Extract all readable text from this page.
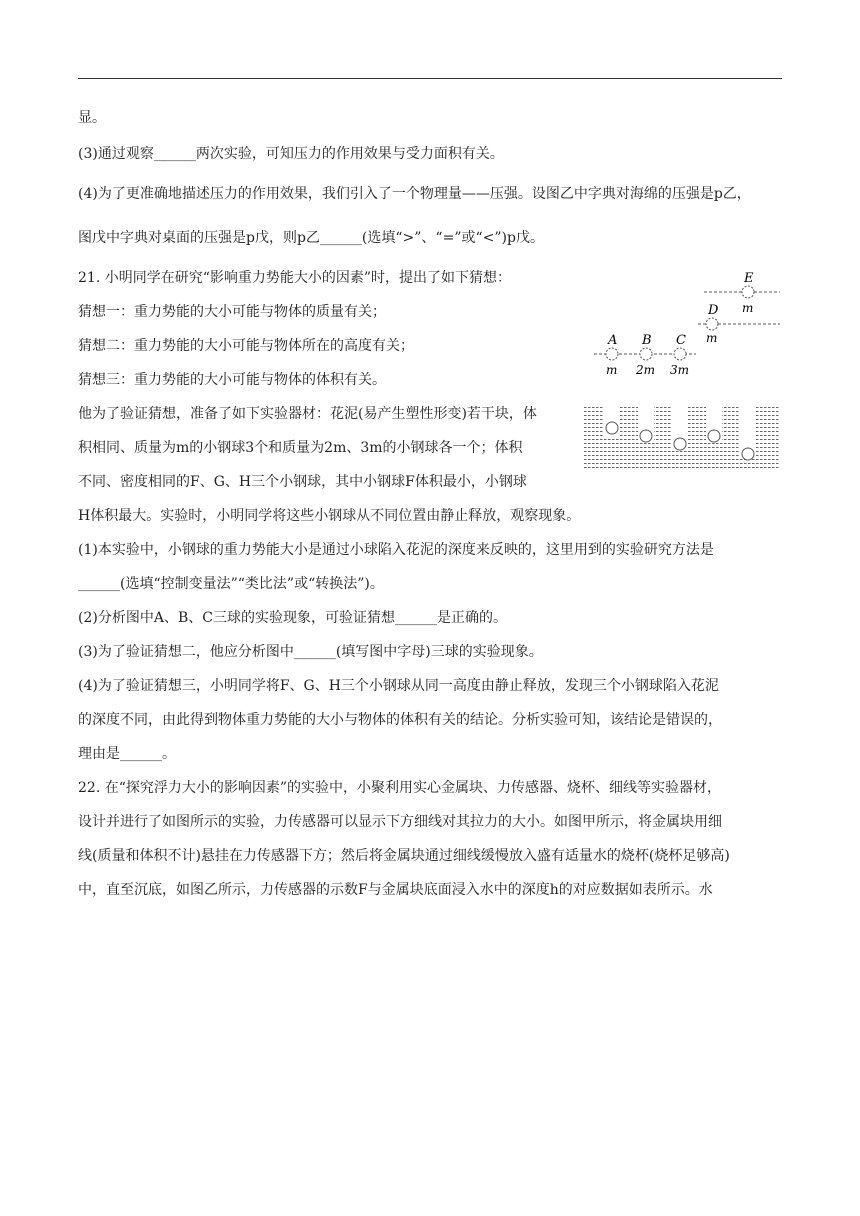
显。
(3)通过观察______两次实验，可知压力的作用效果与受力面积有关。
(4)为了更准确地描述压力的作用效果，我们引入了一个物理量——压强。设图乙中字典对海绵的压强是p乙，
图戊中字典对桌面的压强是p戊，则p乙______(选填“>”、“=”或“<”)p戊。
21. 小明同学在研究“影响重力势能大小的因素”时，提出了如下猜想：
猜想一：重力势能的大小可能与物体的质量有关；
猜想二：重力势能的大小可能与物体所在的高度有关；
猜想三：重力势能的大小可能与物体的体积有关。
他为了验证猜想，准备了如下实验器材：花泥(易产生塑性形变)若干块，体
积相同、质量为m的小钢球3个和质量为2m、3m的小钢球各一个；体积
不同、密度相同的F、G、H三个小钢球，其中小钢球F体积最小，小钢球
H体积最大。实验时，小明同学将这些小钢球从不同位置由静止释放，观察现象。
(1)本实验中，小钢球的重力势能大小是通过小球陷入花泥的深度来反映的，这里用到的实验研究方法是
______(选填“控制变量法”“类比法”或“转换法”)。
(2)分析图中A、B、C三球的实验现象，可验证猜想______是正确的。
(3)为了验证猜想二，他应分析图中______(填写图中字母)三球的实验现象。
(4)为了验证猜想三，小明同学将F、G、H三个小钢球从同一高度由静止释放，发现三个小钢球陷入花泥
的深度不同，由此得到物体重力势能的大小与物体的体积有关的结论。分析实验可知，该结论是错误的，
理由是______。
22. 在“探究浮力大小的影响因素”的实验中，小聚利用实心金属块、力传感器、烧杯、细线等实验器材，
设计并进行了如图所示的实验，力传感器可以显示下方细线对其拉力的大小。如图甲所示，将金属块用细
线(质量和体积不计)悬挂在力传感器下方；然后将金属块通过细线缓慢放入盛有适量水的烧杯(烧杯足够高)
中，直至沉底，如图乙所示，力传感器的示数F与金属块底面浸入水中的深度h的对应数据如表所示。水
E
m
D
m
A B C
m 2m 3m
